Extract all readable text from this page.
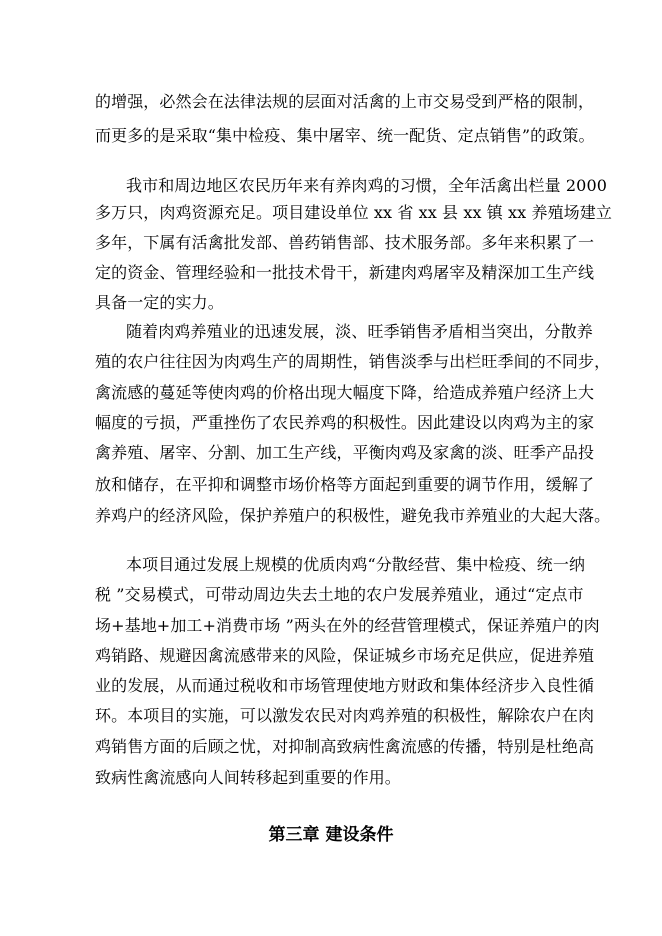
的增强，必然会在法律法规的层面对活禽的上市交易受到严格的限制，
而更多的是采取“集中检疫、集中屠宰、统一配货、定点销售”的政策。
我市和周边地区农民历年来有养肉鸡的习惯，全年活禽出栏量 2000
多万只，肉鸡资源充足。项目建设单位 xx 省 xx 县 xx 镇 xx 养殖场建立
多年，下属有活禽批发部、兽药销售部、技术服务部。多年来积累了一
定的资金、管理经验和一批技术骨干，新建肉鸡屠宰及精深加工生产线
具备一定的实力。
随着肉鸡养殖业的迅速发展，淡、旺季销售矛盾相当突出，分散养
殖的农户往往因为肉鸡生产的周期性，销售淡季与出栏旺季间的不同步，
禽流感的蔓延等使肉鸡的价格出现大幅度下降，给造成养殖户经济上大
幅度的亏损，严重挫伤了农民养鸡的积极性。因此建设以肉鸡为主的家
禽养殖、屠宰、分割、加工生产线，平衡肉鸡及家禽的淡、旺季产品投
放和储存，在平抑和调整市场价格等方面起到重要的调节作用，缓解了
养鸡户的经济风险，保护养殖户的积极性，避免我市养殖业的大起大落。
本项目通过发展上规模的优质肉鸡“分散经营、集中检疫、统一纳
税 ”交易模式，可带动周边失去土地的农户发展养殖业，通过“定点市
场+基地+加工+消费市场 ”两头在外的经营管理模式，保证养殖户的肉
鸡销路、规避因禽流感带来的风险，保证城乡市场充足供应，促进养殖
业的发展，从而通过税收和市场管理使地方财政和集体经济步入良性循
环。本项目的实施，可以激发农民对肉鸡养殖的积极性，解除农户在肉
鸡销售方面的后顾之忧，对抑制高致病性禽流感的传播，特别是杜绝高
致病性禽流感向人间转移起到重要的作用。
第三章 建设条件
